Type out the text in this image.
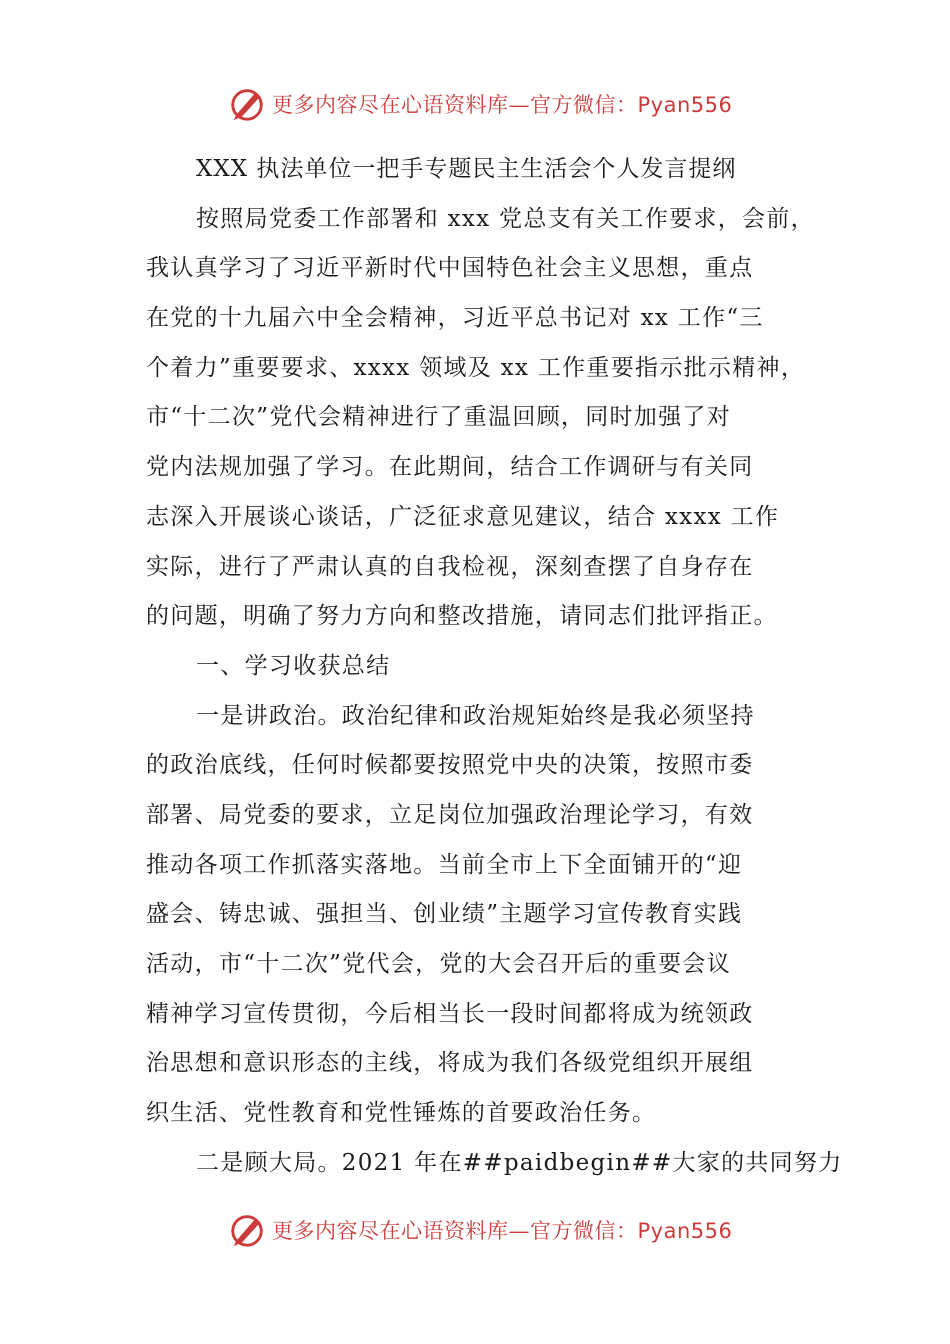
更多内容尽在心语资料库—官方微信：Pyan556
XXX 执法单位一把手专题民主生活会个人发言提纲
按照局党委工作部署和 xxx 党总支有关工作要求，会前，
我认真学习了习近平新时代中国特色社会主义思想，重点
在党的十九届六中全会精神，习近平总书记对 xx 工作“三
个着力”重要要求、xxxx 领域及 xx 工作重要指示批示精神，
市“十二次”党代会精神进行了重温回顾，同时加强了对
党内法规加强了学习。在此期间，结合工作调研与有关同
志深入开展谈心谈话，广泛征求意见建议，结合 xxxx 工作
实际，进行了严肃认真的自我检视，深刻查摆了自身存在
的问题，明确了努力方向和整改措施，请同志们批评指正。
一、学习收获总结
一是讲政治。政治纪律和政治规矩始终是我必须坚持
的政治底线，任何时候都要按照党中央的决策，按照市委
部署、局党委的要求，立足岗位加强政治理论学习，有效
推动各项工作抓落实落地。当前全市上下全面铺开的“迎
盛会、铸忠诚、强担当、创业绩”主题学习宣传教育实践
活动，市“十二次”党代会，党的大会召开后的重要会议
精神学习宣传贯彻，今后相当长一段时间都将成为统领政
治思想和意识形态的主线，将成为我们各级党组织开展组
织生活、党性教育和党性锤炼的首要政治任务。
二是顾大局。2021 年在##paidbegin##大家的共同努力
更多内容尽在心语资料库—官方微信：Pyan556
